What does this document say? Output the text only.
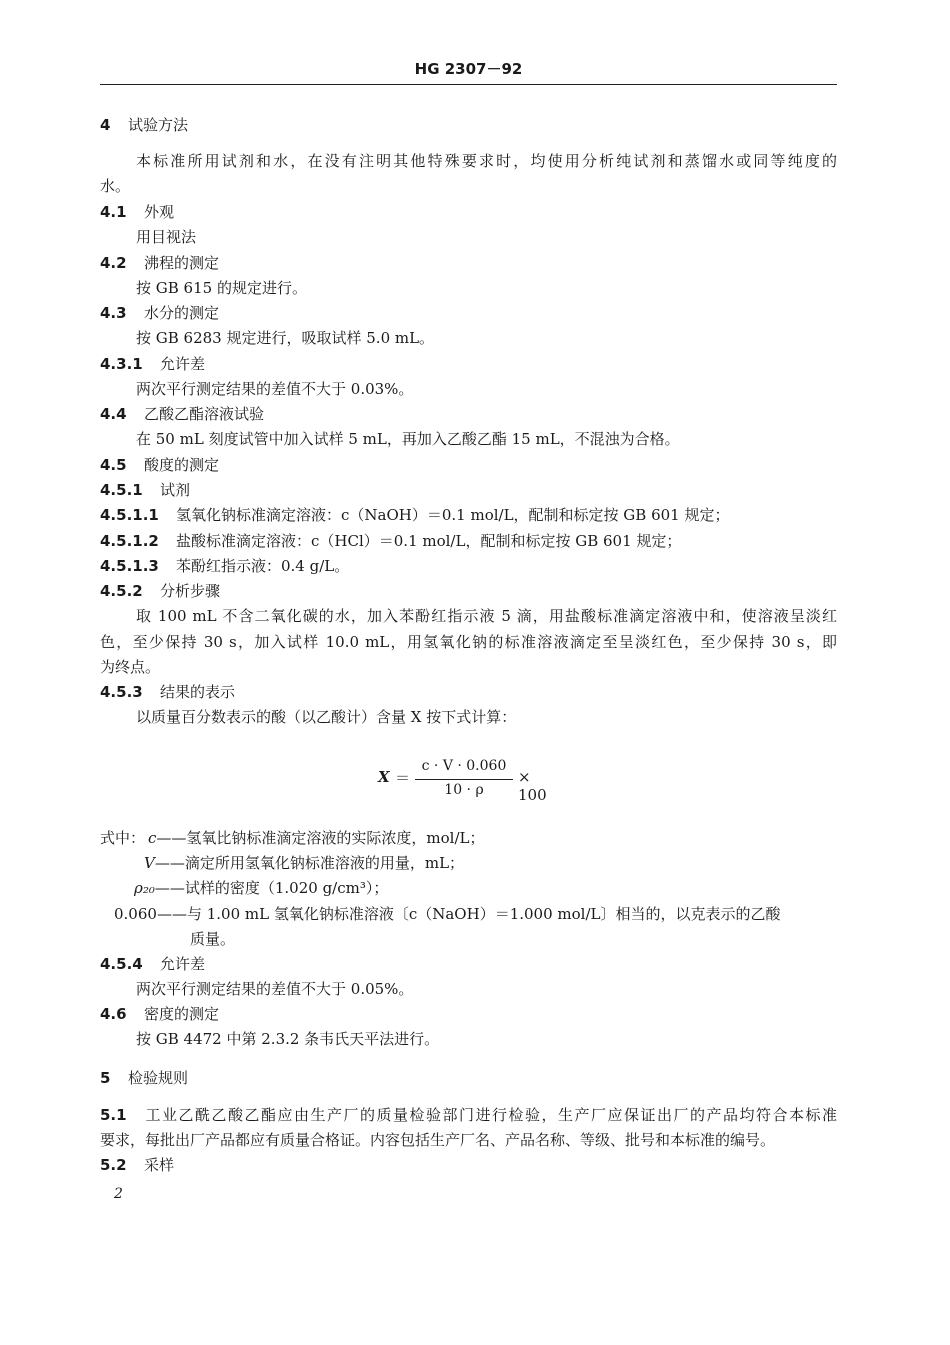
HG 2307－92
4 试验方法
本标准所用试剂和水，在没有注明其他特殊要求时，均使用分析纯试剂和蒸馏水或同等纯度的
水。
4.1 外观
用目视法
4.2 沸程的测定
按 GB 615 的规定进行。
4.3 水分的测定
按 GB 6283 规定进行，吸取试样 5.0 mL。
4.3.1 允许差
两次平行测定结果的差值不大于 0.03%。
4.4 乙酸乙酯溶液试验
在 50 mL 刻度试管中加入试样 5 mL，再加入乙酸乙酯 15 mL，不混浊为合格。
4.5 酸度的测定
4.5.1 试剂
4.5.1.1 氢氧化钠标准滴定溶液：c（NaOH）＝0.1 mol/L，配制和标定按 GB 601 规定；
4.5.1.2 盐酸标准滴定溶液：c（HCl）＝0.1 mol/L，配制和标定按 GB 601 规定；
4.5.1.3 苯酚红指示液：0.4 g/L。
4.5.2 分析步骤
取 100 mL 不含二氧化碳的水，加入苯酚红指示液 5 滴，用盐酸标准滴定溶液中和，使溶液呈淡红
色，至少保持 30 s，加入试样 10.0 mL，用氢氧化钠的标准溶液滴定至呈淡红色，至少保持 30 s，即
为终点。
4.5.3 结果的表示
以质量百分数表示的酸（以乙酸计）含量 X 按下式计算：
X ＝
c · V · 0.060
10 · ρ
× 100
式中： c——氢氧比钠标准滴定溶液的实际浓度，mol/L；
V——滴定所用氢氧化钠标准溶液的用量，mL；
ρ₂₀——试样的密度（1.020 g/cm³）；
0.060——与 1.00 mL 氢氧化钠标准溶液〔c（NaOH）＝1.000 mol/L〕相当的，以克表示的乙酸
质量。
4.5.4 允许差
两次平行测定结果的差值不大于 0.05%。
4.6 密度的测定
按 GB 4472 中第 2.3.2 条韦氏天平法进行。
5 检验规则
5.1 工业乙酰乙酸乙酯应由生产厂的质量检验部门进行检验，生产厂应保证出厂的产品均符合本标准
要求，每批出厂产品都应有质量合格证。内容包括生产厂名、产品名称、等级、批号和本标准的编号。
5.2 采样
2
